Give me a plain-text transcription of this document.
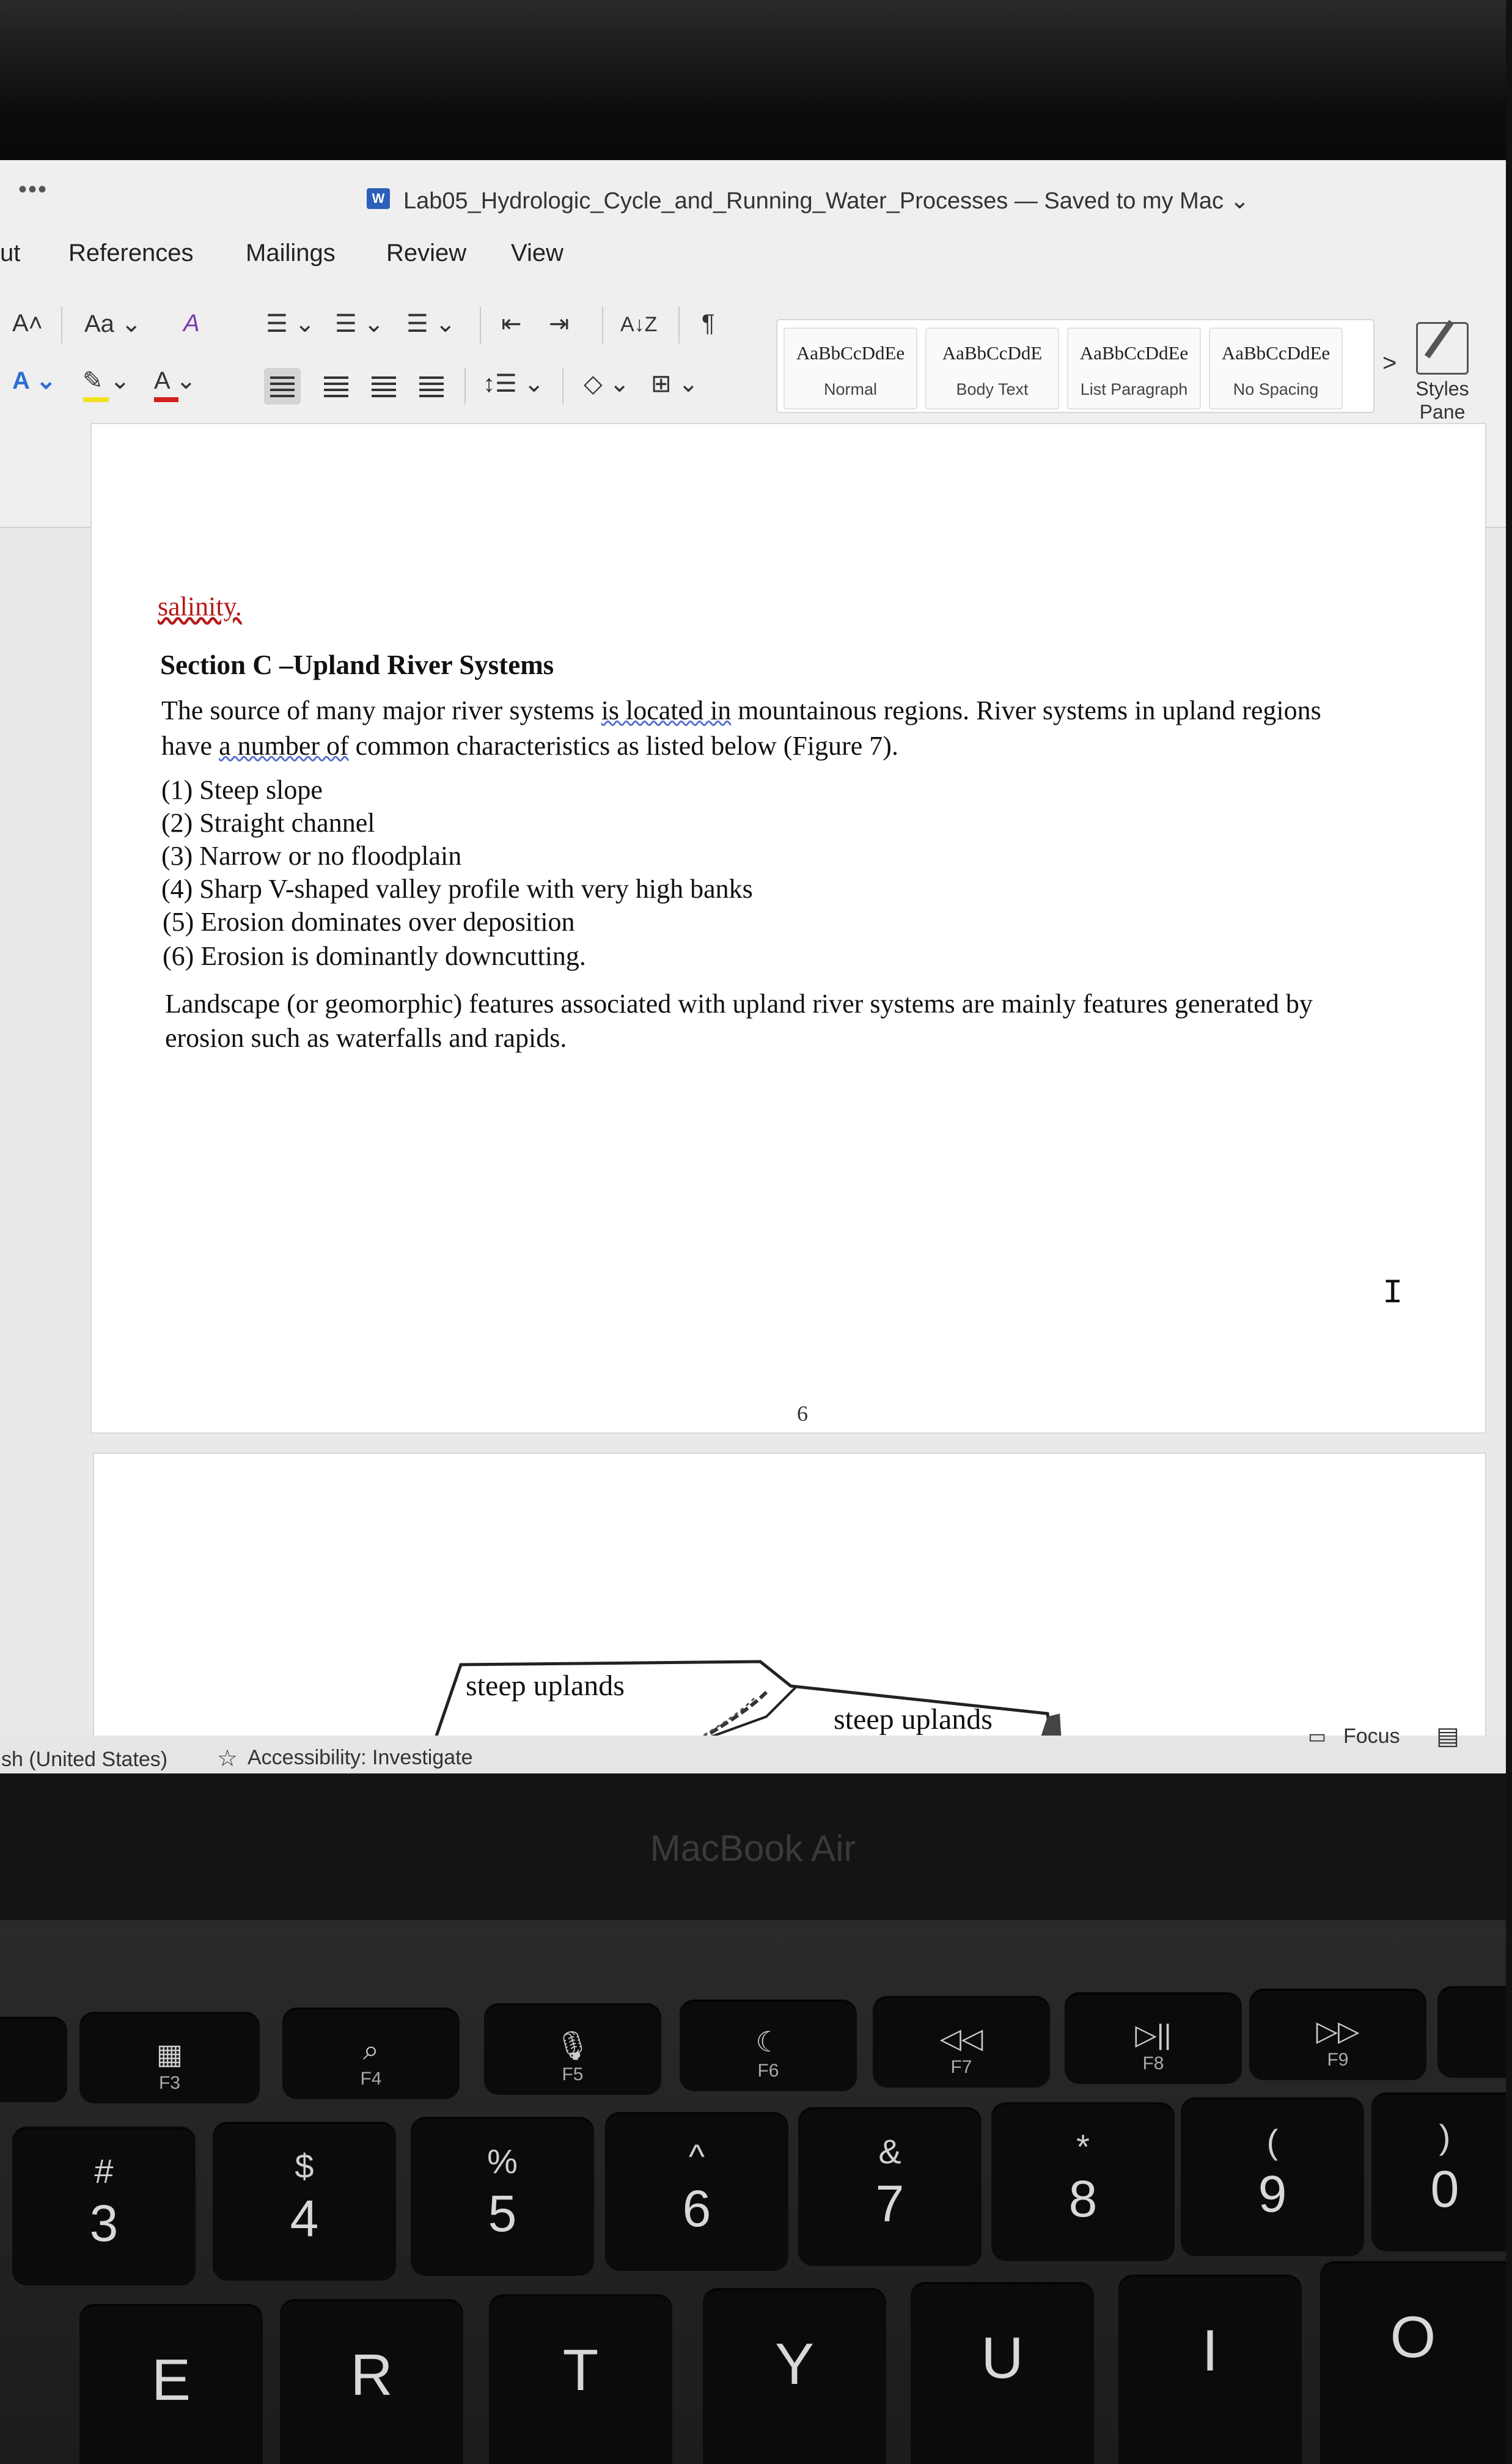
•••	W Lab05_Hydrologic_Cycle_and_Running_Water_Processes — Saved to my Mac ⌄
ut References Mailings Review View
A˄ Aa ⌄ A
A ⌄ ✎ ⌄ A ⌄
☰ ⌄ ☰ ⌄ ☰ ⌄ ⇤ ⇥ A↓Z ¶
↕☰ ⌄ ◇ ⌄ ⊞ ⌄
AaBbCcDdEe
Normal
AaBbCcDdE
Body Text
AaBbCcDdEe
List Paragraph
AaBbCcDdEe
No Spacing
>
Styles
Pane
salinity.
Section C –Upland River Systems
The source of many major river systems is located in mountainous regions. River systems in upland regions
have a number of common characteristics as listed below (Figure 7).
(1) Steep slope
(2) Straight channel
(3) Narrow or no floodplain
(4) Sharp V-shaped valley profile with very high banks
(5) Erosion dominates over deposition
(6) Erosion is dominantly downcutting.
Landscape (or geomorphic) features associated with upland river systems are mainly features generated by
erosion such as waterfalls and rapids.
6
I
steep uplands
steep uplands
sh (United States) ☆ Accessibility: Investigate
▭ Focus ▤
MacBook Air
▦
F3
⌕
F4
🎙
F5
☾
F6
◁◁
F7
▷||
F8
▷▷
F9
#
3
$
4
%
5
^
6
&
7
*
8
(
9
)
0
E	R	T	Y	U	I	O
